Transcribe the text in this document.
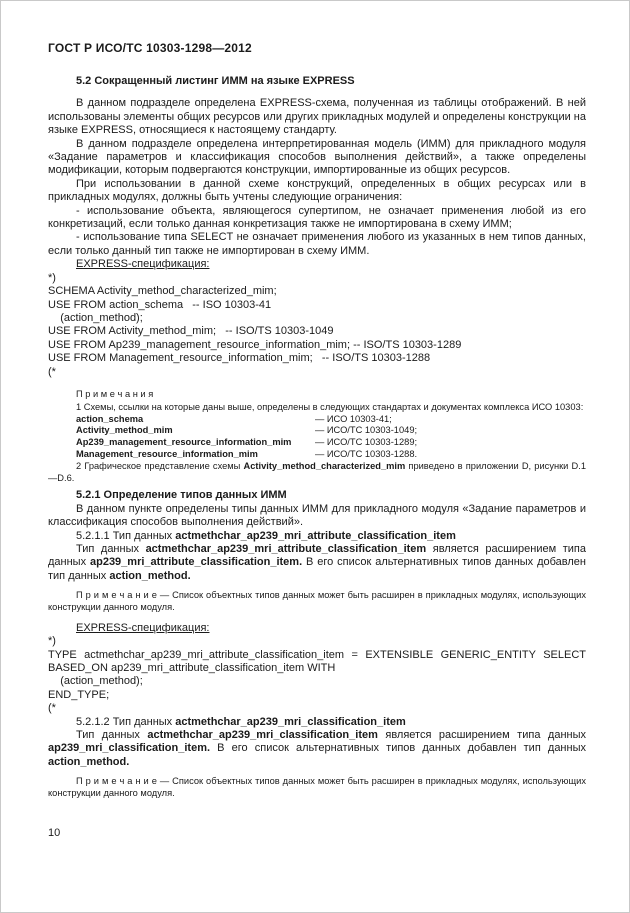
ГОСТ Р ИСО/ТС 10303-1298—2012
5.2 Сокращенный листинг ИММ на языке EXPRESS

В данном подразделе определена EXPRESS-схема, полученная из таблицы отображений. В ней использованы элементы общих ресурсов или других прикладных модулей и определены конструкции на языке EXPRESS, относящиеся к настоящему стандарту.

В данном подразделе определена интерпретированная модель (ИММ) для прикладного модуля «Задание параметров и классификация способов выполнения действий», а также определены модификации, которым подвергаются конструкции, импортированные из общих ресурсов.

При использовании в данной схеме конструкций, определенных в общих ресурсах или в прикладных модулях, должны быть учтены следующие ограничения:

- использование объекта, являющегося супертипом, не означает применения любой из его конкретизаций, если только данная конкретизация также не импортирована в схему ИММ;

- использование типа SELECT не означает применения любого из указанных в нем типов данных, если только данный тип также не импортирован в схему ИММ.

EXPRESS-спецификация:
*)
SCHEMA Activity_method_characterized_mim;
USE FROM action_schema   -- ISO 10303-41
(action_method);
USE FROM Activity_method_mim;   -- ISO/TS 10303-1049
USE FROM Ap239_management_resource_information_mim; -- ISO/TS 10303-1289
USE FROM Management_resource_information_mim;   -- ISO/TS 10303-1288
(*
П р и м е ч а н и я
1 Схемы, ссылки на которые даны выше, определены в следующих стандартах и документах комплекса ИСО 10303:
action_schema	— ИСО 10303-41;
Activity_method_mim	— ИСО/ТС 10303-1049;
Ap239_management_resource_information_mim	— ИСО/ТС 10303-1289;
Management_resource_information_mim	— ИСО/ТС 10303-1288.
2 Графическое представление схемы Activity_method_characterized_mim приведено в приложении D, рисунки D.1—D.6.
5.2.1 Определение типов данных ИММ

В данном пункте определены типы данных ИММ для прикладного модуля «Задание параметров и классификация способов выполнения действий».

5.2.1.1 Тип данных actmethchar_ap239_mri_attribute_classification_item

Тип данных actmethchar_ap239_mri_attribute_classification_item является расширением типа данных ap239_mri_attribute_classification_item. В его список альтернативных типов данных добавлен тип данных action_method.

П р и м е ч а н и е — Список объектных типов данных может быть расширен в прикладных модулях, использующих конструкции данного модуля.
EXPRESS-спецификация:
*)
TYPE actmethchar_ap239_mri_attribute_classification_item = EXTENSIBLE GENERIC_ENTITY SELECT
BASED_ON ap239_mri_attribute_classification_item WITH
(action_method);
END_TYPE;
(*
5.2.1.2 Тип данных actmethchar_ap239_mri_classification_item

Тип данных actmethchar_ap239_mri_classification_item является расширением типа данных ap239_mri_classification_item. В его список альтернативных типов данных добавлен тип данных action_method.

П р и м е ч а н и е — Список объектных типов данных может быть расширен в прикладных модулях, использующих конструкции данного модуля.
10
